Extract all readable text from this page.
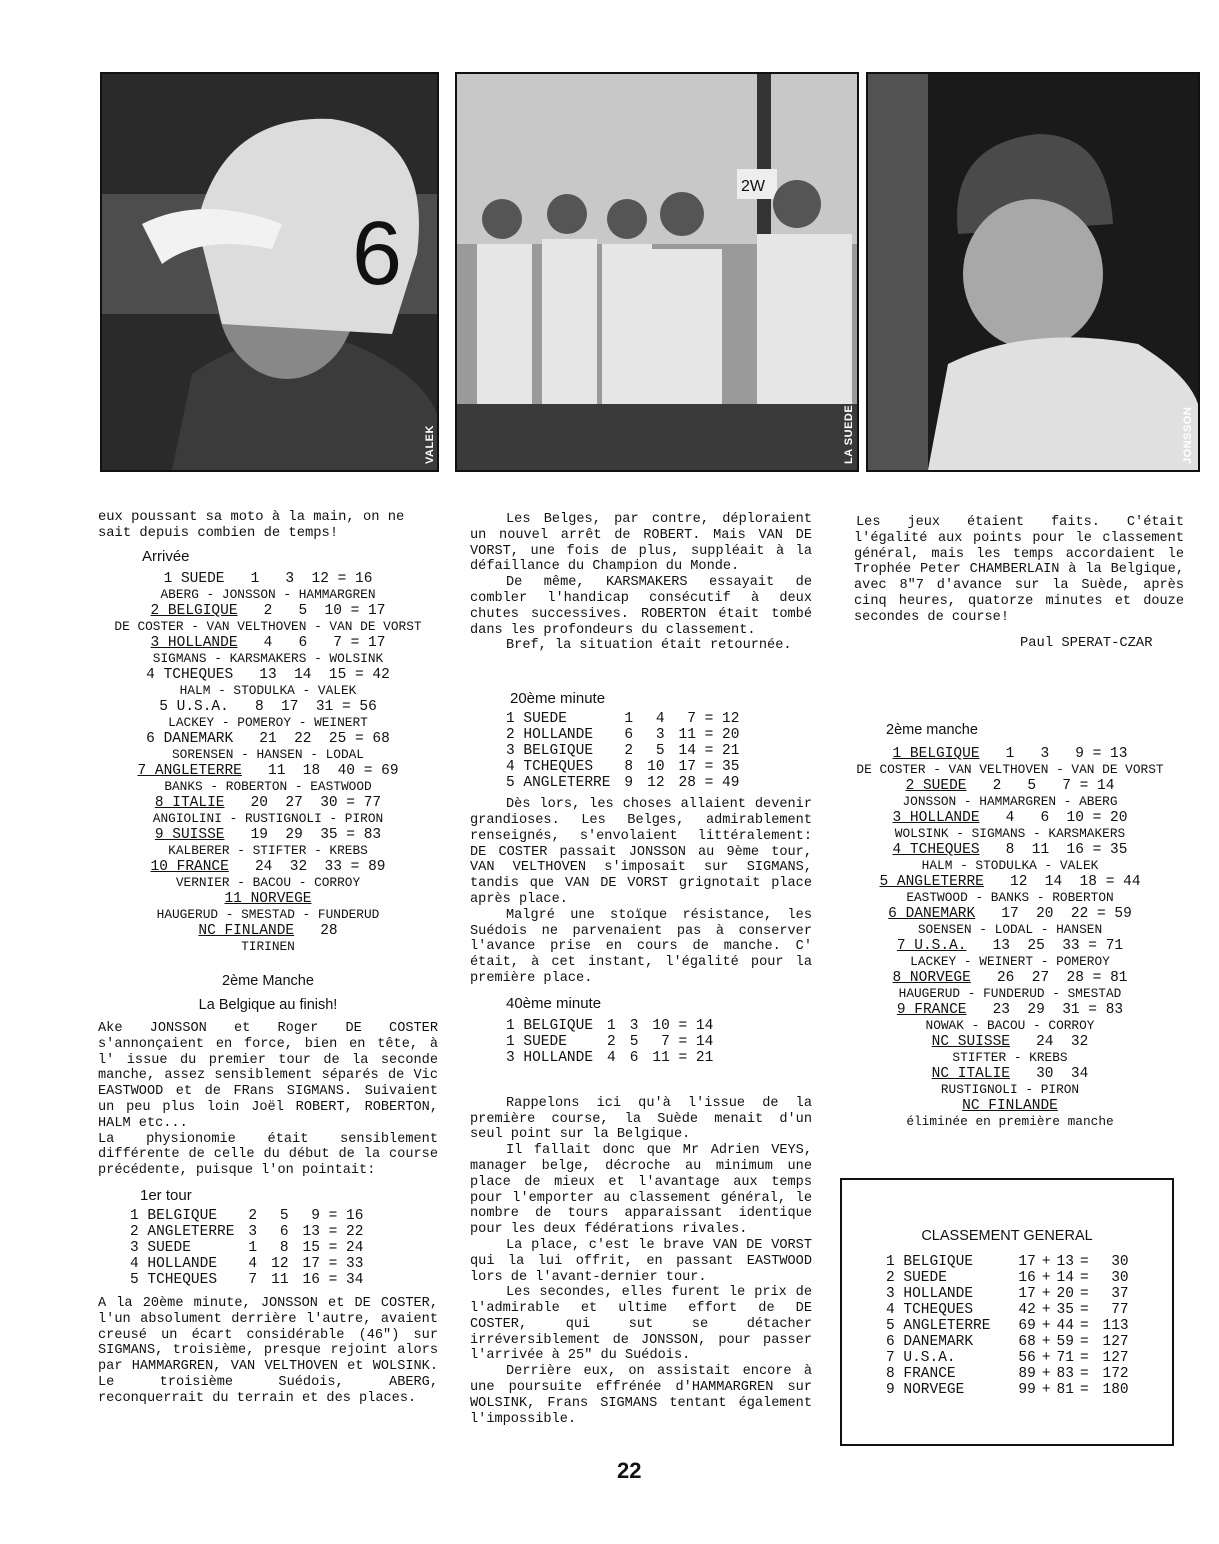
6
VALEK
2W
LA SUEDE	JONSSON
eux poussant sa moto à la main, on ne
sait depuis combien de temps!
Arrivée
1 SUEDE   1   3  12 = 16
ABERG - JONSSON - HAMMARGREN
2 BELGIQUE   2   5  10 = 17
DE COSTER - VAN VELTHOVEN - VAN DE VORST
3 HOLLANDE   4   6   7 = 17
SIGMANS - KARSMAKERS - WOLSINK
4 TCHEQUES   13  14  15 = 42
HALM - STODULKA - VALEK
5 U.S.A.   8  17  31 = 56
LACKEY - POMEROY - WEINERT
6 DANEMARK   21  22  25 = 68
SORENSEN - HANSEN - LODAL
7 ANGLETERRE   11  18  40 = 69
BANKS - ROBERTON - EASTWOOD
8 ITALIE   20  27  30 = 77
ANGIOLINI - RUSTIGNOLI - PIRON
9 SUISSE   19  29  35 = 83
KALBERER - STIFTER - KREBS
10 FRANCE   24  32  33 = 89
VERNIER - BACOU - CORROY
11 NORVEGE
HAUGERUD - SMESTAD - FUNDERUD
NC FINLANDE   28
TIRINEN
2ème Manche
La Belgique au finish!

Ake JONSSON et Roger DE COSTER s'annonçaient en force, bien en tête, à l' issue du premier tour de la seconde manche, assez sensiblement séparés de Vic EASTWOOD et de FRans SIGMANS. Suivaient un peu plus loin Joël ROBERT, ROBERTON, HALM etc...

La physionomie était sensiblement différente de celle du début de la course précédente, puisque l'on pointait:

1er tour
1 BELGIQUE	2	5	9 = 16
2 ANGLETERRE	3	6	13 = 22
3 SUEDE	1	8	15 = 24
4 HOLLANDE	4	12	17 = 33
5 TCHEQUES	7	11	16 = 34

A la 20ème minute, JONSSON et DE COSTER, l'un absolument derrière l'autre, avaient creusé un écart considérable (46") sur SIGMANS, troisième, presque rejoint alors par HAMMARGREN, VAN VELTHOVEN et WOLSINK. Le troisième Suédois, ABERG, reconquerrait du terrain et des places.

Les Belges, par contre, déploraient un nouvel arrêt de ROBERT. Mais VAN DE VORST, une fois de plus, suppléait à la défaillance du Champion du Monde.

De même, KARSMAKERS essayait de combler l'handicap consécutif à deux chutes successives. ROBERTON était tombé dans les profondeurs du classement.

Bref, la situation était retournée.

20ème minute
1 SUEDE	1	4	7 = 12
2 HOLLANDE	6	3	11 = 20
3 BELGIQUE	2	5	14 = 21
4 TCHEQUES	8	10	17 = 35
5 ANGLETERRE	9	12	28 = 49

Dès lors, les choses allaient devenir grandioses. Les Belges, admirablement renseignés, s'envolaient littéralement: DE COSTER passait JONSSON au 9ème tour, VAN VELTHOVEN s'imposait sur SIGMANS, tandis que VAN DE VORST grignotait place après place.

Malgré une stoïque résistance, les Suédois ne parvenaient pas à conserver l'avance prise en cours de manche. C' était, à cet instant, l'égalité pour la première place.

40ème minute
1 BELGIQUE	1	3	10 = 14
1 SUEDE	2	5	7 = 14
3 HOLLANDE	4	6	11 = 21

Rappelons ici qu'à l'issue de la première course, la Suède menait d'un seul point sur la Belgique.

Il fallait donc que Mr Adrien VEYS, manager belge, décroche au minimum une place de mieux et l'avantage aux temps pour l'emporter au classement général, le nombre de tours apparaissant identique pour les deux fédérations rivales.

La place, c'est le brave VAN DE VORST qui la lui offrit, en passant EASTWOOD lors de l'avant-dernier tour.

Les secondes, elles furent le prix de l'admirable et ultime effort de DE COSTER, qui sut se détacher irréversiblement de JONSSON, pour passer l'arrivée à 25" du Suédois.

Derrière eux, on assistait encore à une poursuite effrénée d'HAMMARGREN sur WOLSINK, Frans SIGMANS tentant également l'impossible.

Les jeux étaient faits. C'était l'égalité aux points pour le classement général, mais les temps accordaient le Trophée Peter CHAMBERLAIN à la Belgique, avec 8"7 d'avance sur la Suède, après cinq heures, quatorze minutes et douze secondes de course!

Paul SPERAT-CZAR
2ème manche
1 BELGIQUE   1   3   9 = 13
DE COSTER - VAN VELTHOVEN - VAN DE VORST
2 SUEDE   2   5   7 = 14
JONSSON - HAMMARGREN - ABERG
3 HOLLANDE   4   6  10 = 20
WOLSINK - SIGMANS - KARSMAKERS
4 TCHEQUES   8  11  16 = 35
HALM - STODULKA - VALEK
5 ANGLETERRE   12  14  18 = 44
EASTWOOD - BANKS - ROBERTON
6 DANEMARK   17  20  22 = 59
SOENSEN - LODAL - HANSEN
7 U.S.A.   13  25  33 = 71
LACKEY - WEINERT - POMEROY
8 NORVEGE   26  27  28 = 81
HAUGERUD - FUNDERUD - SMESTAD
9 FRANCE   23  29  31 = 83
NOWAK - BACOU - CORROY
NC SUISSE   24  32
STIFTER - KREBS
NC ITALIE   30  34
RUSTIGNOLI - PIRON
NC FINLANDE
éliminée en première manche
CLASSEMENT GENERAL
1 BELGIQUE	17	+	13	=	30
2 SUEDE	16	+	14	=	30
3 HOLLANDE	17	+	20	=	37
4 TCHEQUES	42	+	35	=	77
5 ANGLETERRE	69	+	44	=	113
6 DANEMARK	68	+	59	=	127
7 U.S.A.	56	+	71	=	127
8 FRANCE	89	+	83	=	172
9 NORVEGE	99	+	81	=	180
22
